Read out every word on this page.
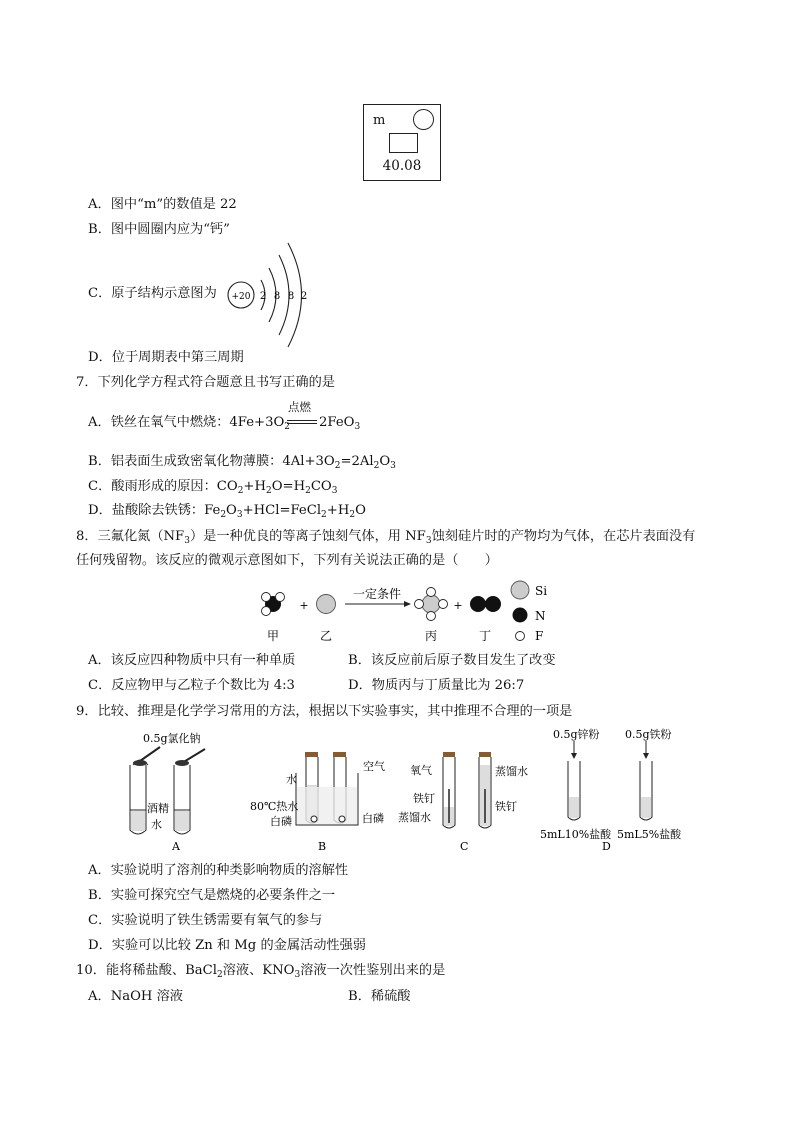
m
40.08
A．图中“m”的数值是 22
B．图中圆圈内应为“钙”
C．原子结构示意图为 +20 2 8 8 2
D．位于周期表中第三周期
7．下列化学方程式符合题意且书写正确的是
A．铁丝在氧气中燃烧：$4Fe+3O_2$
点燃
2FeO$_3$
B．铝表面生成致密氧化物薄膜：$4Al+3O_2=2Al_2O_3$
C．酸雨形成的原因：$CO_2+H_2O=H_2CO_3$
D．盐酸除去铁锈：$Fe_2O_3+HCl=FeCl_2+H_2O$
8．三氟化氮$(NF_3)$是一种优良的等离子蚀刻气体，用 $NF_3$蚀刻硅片时的产物均为气体，在芯片表面没有
任何残留物。该反应的微观示意图如下，下列有关说法正确的是（　　）
+
一定条件
+
甲	乙	丙	丁
Si
N
F
A．该反应四种物质中只有一种单质	B．该反应前后原子数目发生了改变
C．反应物甲与乙粒子个数比为 4:3	D．物质丙与丁质量比为 26:7
9．比较、推理是化学学习常用的方法，根据以下实验事实，其中推理不合理的一项是
0.5g氯化钠
酒精
水
A
空气
水
80℃热水
白磷	白磷
B
氧气
铁钉
蒸馏水
蒸馏水
铁钉
C
0.5g锌粉 0.5g铁粉
5mL10%盐酸 5mL5%盐酸
D
A．实验说明了溶剂的种类影响物质的溶解性
B．实验可探究空气是燃烧的必要条件之一
C．实验说明了铁生锈需要有氧气的参与
D．实验可以比较 Zn 和 Mg 的金属活动性强弱
10．能将稀盐酸、BaCl$_2$溶液、$KNO_3$溶液一次性鉴别出来的是
A．NaOH 溶液	B．稀硫酸
